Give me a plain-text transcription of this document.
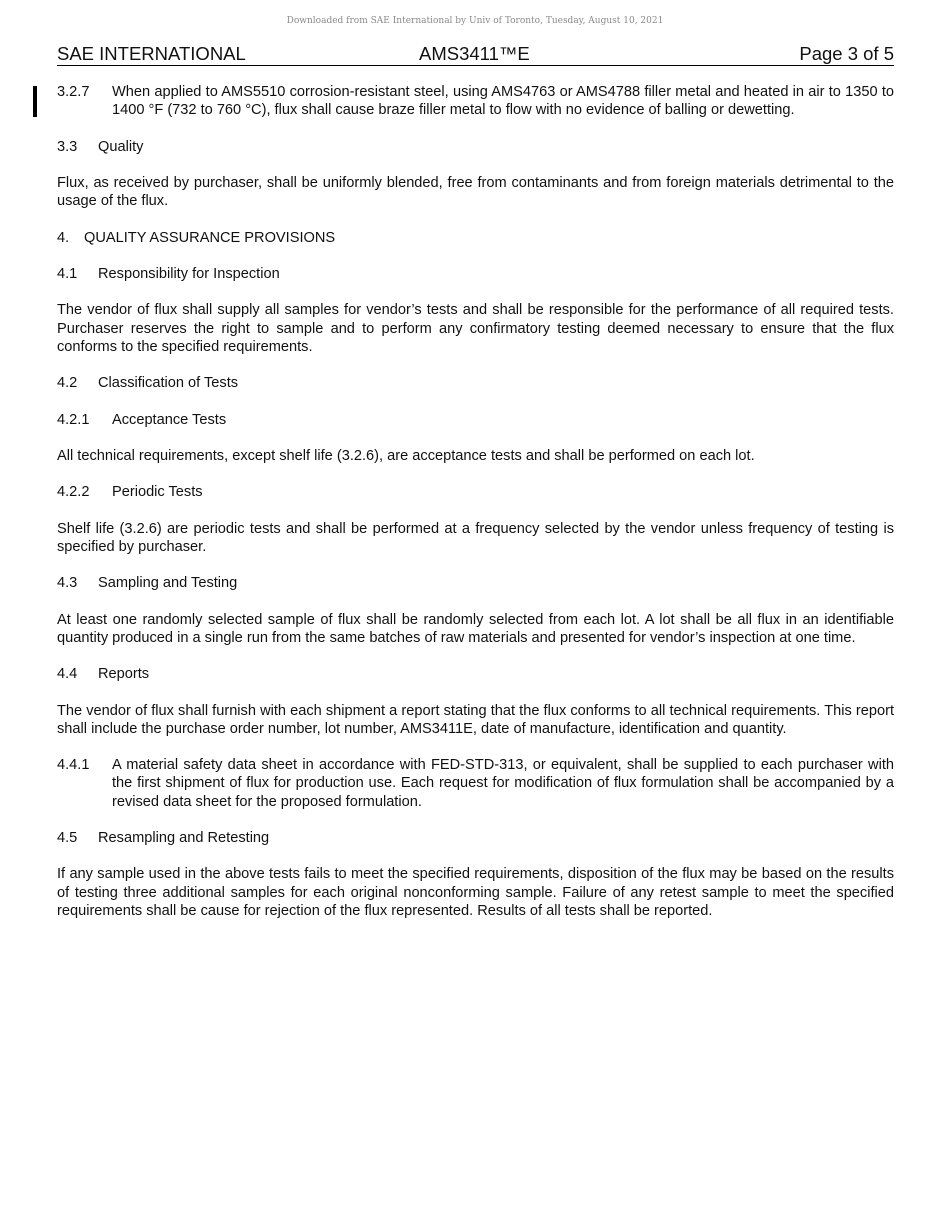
Downloaded from SAE International by Univ of Toronto, Tuesday, August 10, 2021
SAE INTERNATIONAL	AMS3411™E	Page 3 of 5
3.2.7	When applied to AMS5510 corrosion-resistant steel, using AMS4763 or AMS4788 filler metal and heated in air to 1350 to 1400 °F (732 to 760 °C), flux shall cause braze filler metal to flow with no evidence of balling or dewetting.
3.3	Quality
Flux, as received by purchaser, shall be uniformly blended, free from contaminants and from foreign materials detrimental to the usage of the flux.
4.	QUALITY ASSURANCE PROVISIONS
4.1	Responsibility for Inspection
The vendor of flux shall supply all samples for vendor’s tests and shall be responsible for the performance of all required tests. Purchaser reserves the right to sample and to perform any confirmatory testing deemed necessary to ensure that the flux conforms to the specified requirements.
4.2	Classification of Tests
4.2.1	Acceptance Tests
All technical requirements, except shelf life (3.2.6), are acceptance tests and shall be performed on each lot.
4.2.2	Periodic Tests
Shelf life (3.2.6) are periodic tests and shall be performed at a frequency selected by the vendor unless frequency of testing is specified by purchaser.
4.3	Sampling and Testing
At least one randomly selected sample of flux shall be randomly selected from each lot. A lot shall be all flux in an identifiable quantity produced in a single run from the same batches of raw materials and presented for vendor’s inspection at one time.
4.4	Reports
The vendor of flux shall furnish with each shipment a report stating that the flux conforms to all technical requirements. This report shall include the purchase order number, lot number, AMS3411E, date of manufacture, identification and quantity.
4.4.1	A material safety data sheet in accordance with FED-STD-313, or equivalent, shall be supplied to each purchaser with the first shipment of flux for production use. Each request for modification of flux formulation shall be accompanied by a revised data sheet for the proposed formulation.
4.5	Resampling and Retesting
If any sample used in the above tests fails to meet the specified requirements, disposition of the flux may be based on the results of testing three additional samples for each original nonconforming sample. Failure of any retest sample to meet the specified requirements shall be cause for rejection of the flux represented. Results of all tests shall be reported.
